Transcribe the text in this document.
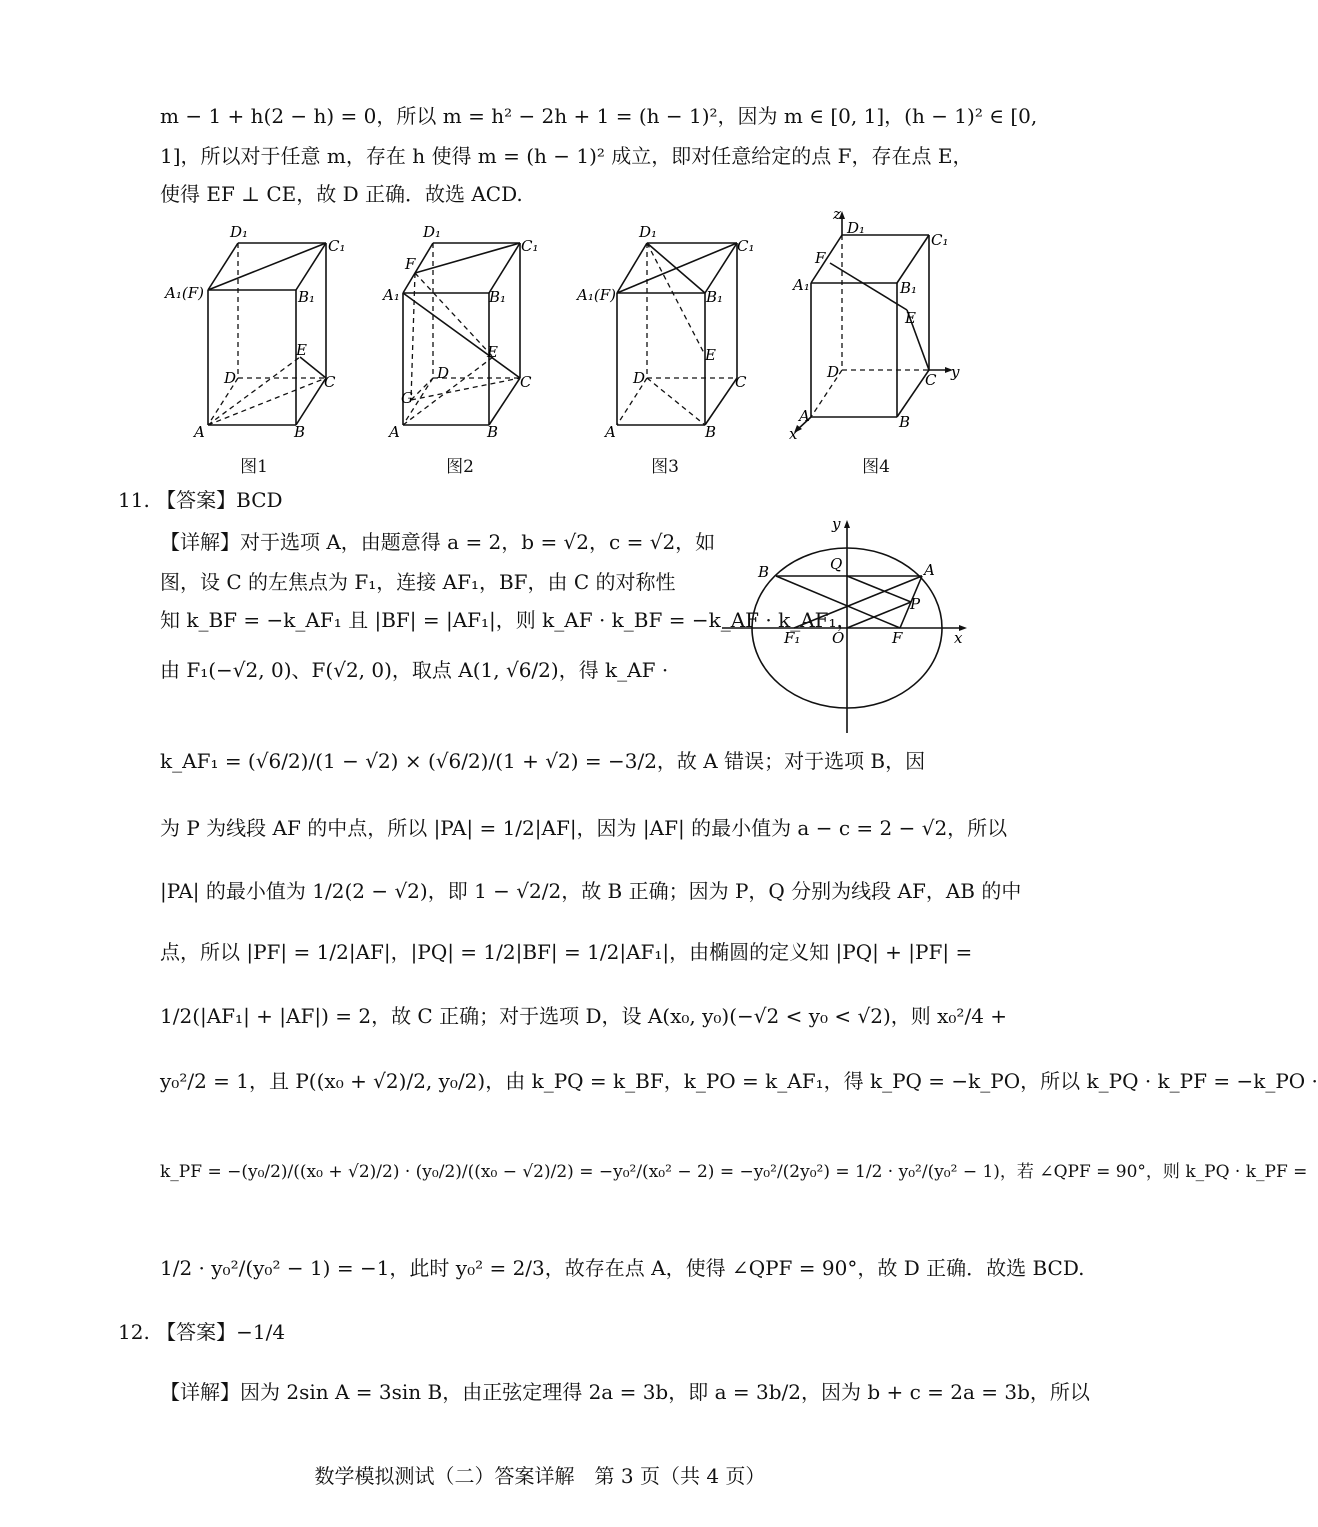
m − 1 + h(2 − h) = 0，所以 m = h² − 2h + 1 = (h − 1)²，因为 m ∈ [0, 1]，(h − 1)² ∈ [0,
1]，所以对于任意 m，存在 h 使得 m = (h − 1)² 成立，即对任意给定的点 F，存在点 E，
使得 EF ⊥ CE，故 D 正确．故选 ACD.
D₁
C₁
A₁(F)	B₁
E
D	C
A	B
图1
D₁
C₁
F
A₁	B₁
E
D	C
G
A	B
图2
D₁
C₁
A₁(F)	B₁
E
D	C
A	B
图3
z
D₁
C₁
F
A₁	B₁
E
D	C y
A	B
x
图4
11. 【答案】BCD
【详解】对于选项 A，由题意得 a = 2，b = √2，c = √2，如
图，设 C 的左焦点为 F₁，连接 AF₁，BF，由 C 的对称性
知 k_BF = −k_AF₁ 且 |BF| = |AF₁|，则 k_AF · k_BF = −k_AF · k_AF₁，
由 F₁(−√2, 0)、F(√2, 0)，取点 A(1, √6/2)，得 k_AF ·
k_AF₁ = (√6/2)/(1 − √2) × (√6/2)/(1 + √2) = −3/2，故 A 错误；对于选项 B，因
为 P 为线段 AF 的中点，所以 |PA| = 1/2|AF|，因为 |AF| 的最小值为 a − c = 2 − √2，所以
|PA| 的最小值为 1/2(2 − √2)，即 1 − √2/2，故 B 正确；因为 P，Q 分别为线段 AF，AB 的中
点，所以 |PF| = 1/2|AF|，|PQ| = 1/2|BF| = 1/2|AF₁|，由椭圆的定义知 |PQ| + |PF| =
1/2(|AF₁| + |AF|) = 2，故 C 正确；对于选项 D，设 A(x₀, y₀)(−√2 < y₀ < √2)，则 x₀²/4 +
y₀²/2 = 1，且 P((x₀ + √2)/2, y₀/2)，由 k_PQ = k_BF，k_PO = k_AF₁，得 k_PQ = −k_PO，所以 k_PQ · k_PF = −k_PO ·
k_PF = −(y₀/2)/((x₀ + √2)/2) · (y₀/2)/((x₀ − √2)/2) = −y₀²/(x₀² − 2) = −y₀²/(2y₀²) = 1/2 · y₀²/(y₀² − 1)，若 ∠QPF = 90°，则 k_PQ · k_PF =
1/2 · y₀²/(y₀² − 1) = −1，此时 y₀² = 2/3，故存在点 A，使得 ∠QPF = 90°，故 D 正确．故选 BCD.
y
Q
B	A
P
F₁ O	F	x
12. 【答案】−1/4
【详解】因为 2sin A = 3sin B，由正弦定理得 2a = 3b，即 a = 3b/2，因为 b + c = 2a = 3b，所以
数学模拟测试（二）答案详解　第 3 页（共 4 页）
